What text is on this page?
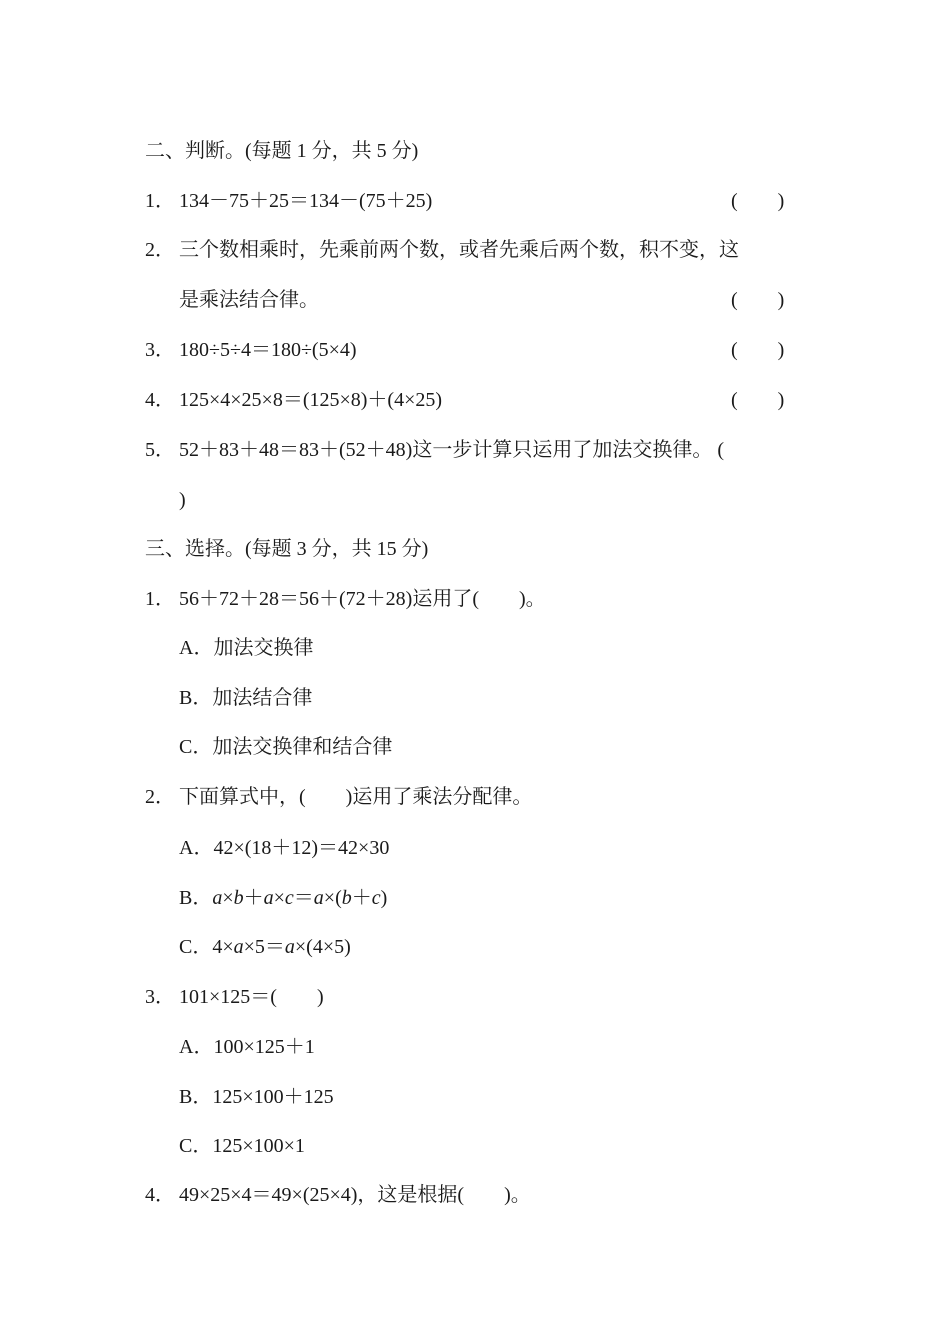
二、判断。(每题 1 分，共 5 分)
1． 134－75＋25＝134－(75＋25)	(　　)
2． 三个数相乘时，先乘前两个数，或者先乘后两个数，积不变，这
是乘法结合律。	(　　)
3． 180÷5÷4＝180÷(5×4)	(　　)
4． 125×4×25×8＝(125×8)＋(4×25)	(　　)
5． 52＋83＋48＝83＋(52＋48)这一步计算只运用了加法交换律。 (
)
三、选择。(每题 3 分，共 15 分)
1． 56＋72＋28＝56＋(72＋28)运用了(　　)。
A．加法交换律
B．加法结合律
C．加法交换律和结合律
2． 下面算式中，(　　)运用了乘法分配律。
A．42×(18＋12)＝42×30
B．a×b＋a×c＝a×(b＋c)
C．4×a×5＝a×(4×5)
3． 101×125＝(　　)
A．100×125＋1
B．125×100＋125
C．125×100×1
4． 49×25×4＝49×(25×4)，这是根据(　　)。
